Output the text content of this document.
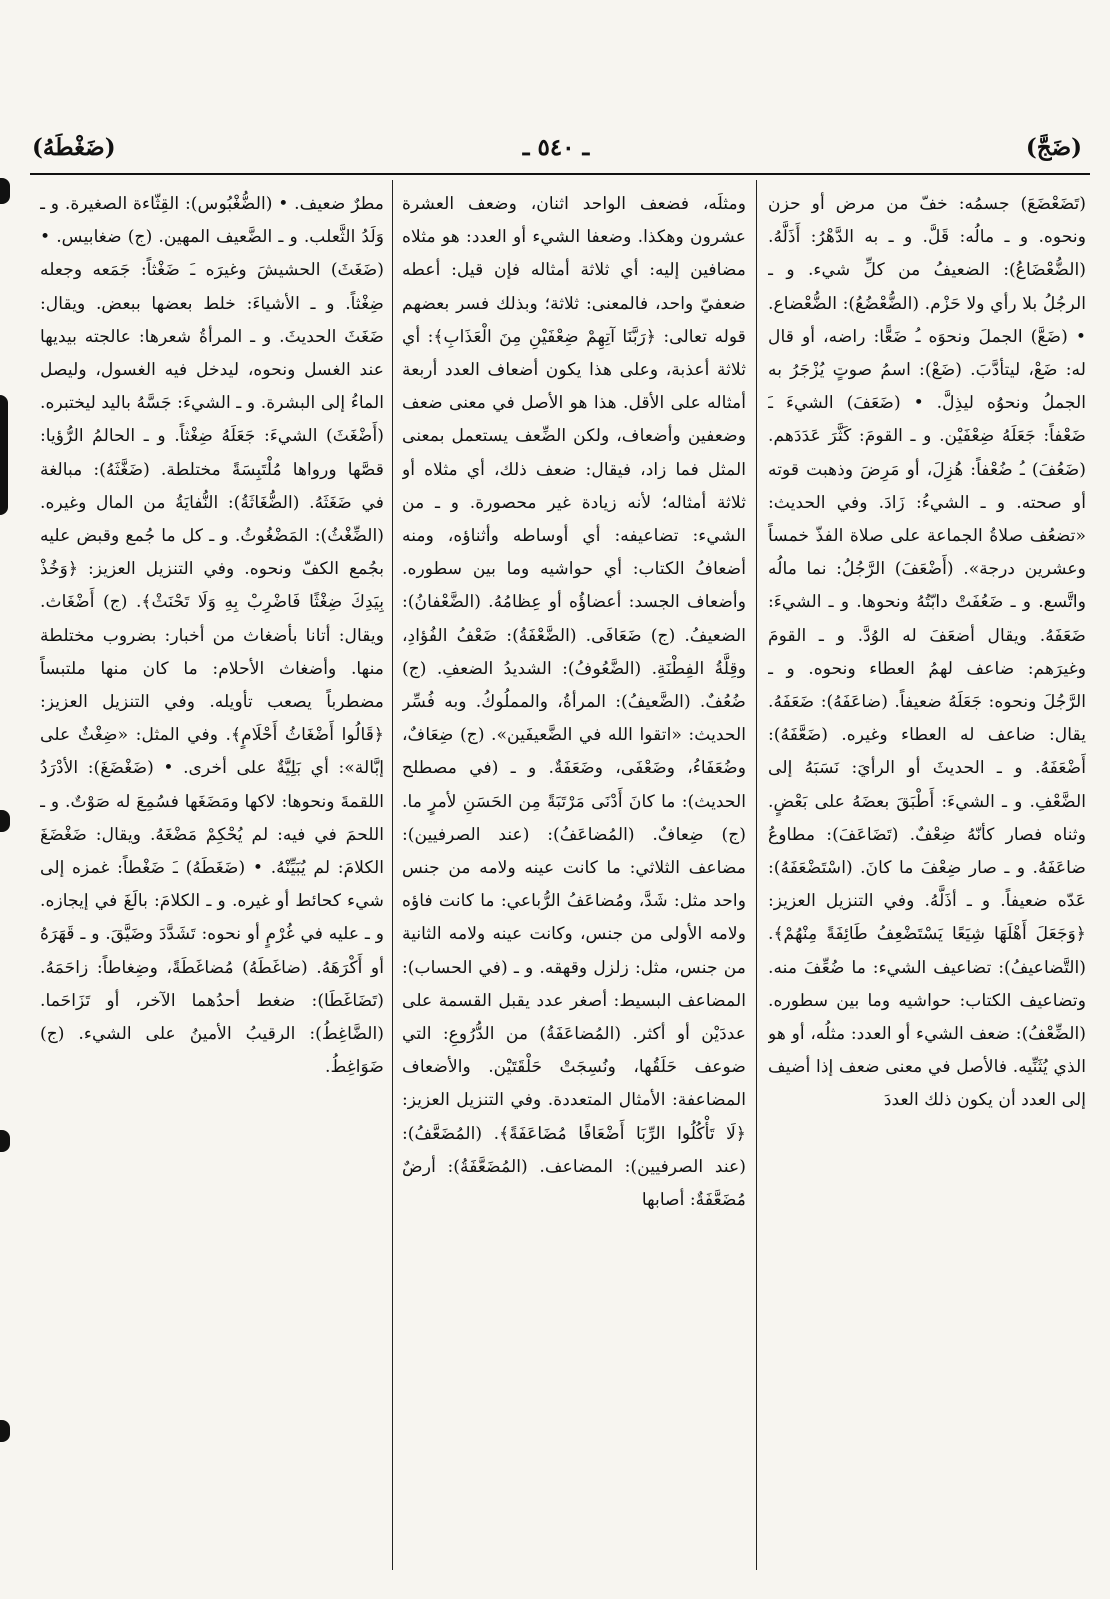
(ضَجَّ)
ـ ٥٤٠ ـ
(ضَغْطَهُ)

(تَضَعْضَعَ) جسمُه: خفّ من مرض أو حزن ونحوه. و ـ مالُه: قَلَّ. و ـ به الدَّهْرُ: أَذَلَّهُ. (الضُّعْضَاعُ): الضعيفُ من كلِّ شيء. و ـ الرجُلُ بلا رأي ولا حَزْم. (الضُّعْضُعُ): الضُّعْضاع. • (ضَعَّ) الجملَ ونحوَه ـُ ضَعًّا: راضه، أو قال له: ضَعْ، ليتأدَّبَ. (ضَعْ): اسمُ صوتٍ يُزْجَرُ به الجملُ ونحوُه ليذِلَّ. • (ضَعَفَ) الشيءَ ـَ ضَعْفاً: جَعَلَهُ ضِعْفَيْن. و ـ القومَ: كَثَّرَ عَدَدَهم. (ضَعُفَ) ـُ ضُعْفاً: هُزِلَ، أو مَرِضَ وذهبت قوته أو صحته. و ـ الشيءُ: زَادَ. وفي الحديث: «تضعُف صلاةُ الجماعة على صلاة الفذّ خمساً وعشرين درجة». (أَضْعَفَ) الرَّجُلُ: نما مالُه واتَّسع. و ـ ضَعُفَتْ دابّتُهُ ونحوها. و ـ الشيءَ: ضَعَفَهُ. ويقال أضعَفَ له الوُدَّ. و ـ القومَ وغيرَهم: ضاعف لهمُ العطاء ونحوه. و ـ الرَّجُلَ ونحوه: جَعَلَهُ ضعيفاً. (ضاعَفَهُ): ضَعَفَهُ. يقال: ضاعف له العطاء وغيره. (ضَعَّفَهُ): أَضْعَفَهُ. و ـ الحديثَ أو الرأيَ: نَسَبَهُ إلى الضَّعْفِ. و ـ الشيءَ: أَطْبَقَ بعضَهُ على بَعْضٍ. وثناه فصار كأنّهُ ضِعْفٌ. (تَضَاعَفَ): مطاوعُ ضاعَفَهُ. و ـ صار ضِعْفَ ما كانَ. (اسْتَضْعَفَهُ): عَدّه ضعيفاً. و ـ أذَلَّهُ. وفي التنزيل العزيز: ﴿وَجَعَلَ أَهْلَهَا شِيَعًا يَسْتَضْعِفُ طَائِفَةً مِنْهُمْ﴾. (التَّضاعيفُ): تضاعيف الشيء: ما ضُعِّفَ منه. وتضاعيف الكتاب: حواشيه وما بين سطوره. (الضِّعْفُ): ضعف الشيء أو العدد: مثلُه، أو هو الذي يُثَنِّيه. فالأصل في معنى ضعف إذا أضيف إلى العدد أن يكون ذلك العددَ

ومثلَه، فضعف الواحد اثنان، وضعف العشرة عشرون وهكذا. وضعفا الشيء أو العدد: هو مثلاه مضافين إليه: أي ثلاثة أمثاله فإن قيل: أعطه ضعفيّ واحد، فالمعنى: ثلاثة؛ وبذلك فسر بعضهم قوله تعالى: ﴿رَبَّنَا آتِهِمْ ضِعْفَيْنِ مِنَ الْعَذَابِ﴾: أي ثلاثة أعذبة، وعلى هذا يكون أضعاف العدد أربعة أمثاله على الأقل. هذا هو الأصل في معنى ضعف وضعفين وأضعاف، ولكن الضِّعف يستعمل بمعنى المثل فما زاد، فيقال: ضعف ذلك، أي مثلاه أو ثلاثة أمثاله؛ لأنه زيادة غير محصورة. و ـ من الشيء: تضاعيفه: أي أوساطه وأثناؤه، ومنه أضعافُ الكتاب: أي حواشيه وما بين سطوره. وأضعاف الجسد: أعضاؤُه أو عِظامُهُ. (الضَّعْفانُ): الضعيفُ. (ج) ضَعَافَى. (الضَّعْفَةُ): ضَعْفُ الفُؤادِ، وقِلَّةُ الفِطْنَةِ. (الضَّعُوفُ): الشديدُ الضعفِ. (ج) ضُعُفٌ. (الضَّعيفُ): المرأةُ، والمملُوكُ. وبه فُسِّر الحديث: «اتقوا الله في الضَّعيفَين». (ج) ضِعَافٌ، وضُعَفَاءُ، وضَعْفَى، وضَعَفَةٌ. و ـ (في مصطلح الحديث): ما كانَ أَدْنَى مَرْتَبَةً مِن الحَسَنِ لأمرٍ ما. (ج) ضِعافٌ. (المُضاعَفُ): (عند الصرفيين): مضاعف الثلاثي: ما كانت عينه ولامه من جنس واحد مثل: شَدَّ، ومُضاعَفُ الرُّباعي: ما كانت فاؤه ولامه الأولى من جنس، وكانت عينه ولامه الثانية من جنس، مثل: زلزل وقهقه. و ـ (في الحساب): المضاعف البسيط: أصغر عدد يقبل القسمة على عددَيْن أو أكثر. (المُضاعَفَةُ) من الدُّرُوعِ: التي ضوعف حَلَقُها، ونُسِجَتْ حَلْقَتَيْن. والأضعاف المضاعفة: الأمثال المتعددة. وفي التنزيل العزيز: ﴿لَا تَأْكُلُوا الرِّبَا أَضْعَافًا مُضَاعَفَةً﴾. (المُضَعَّفُ): (عند الصرفيين): المضاعف. (المُضَعَّفَةُ): أرضٌ مُضَعَّفَةٌ: أصابها

مطرٌ ضعيف. • (الضُّغْبُوس): القِثّاءة الصغيرة. و ـ وَلَدُ الثَّعلب. و ـ الضَّعيف المهين. (ج) ضغابيس. • (ضَغَثَ) الحشيشَ وغيرَه ـَ ضَغْثاً: جَمَعه وجعله ضِغْثاً. و ـ الأشياءَ: خلط بعضها ببعض. ويقال: ضَغَثَ الحديثَ. و ـ المرأةُ شعرها: عالجته بيديها عند الغسل ونحوه، ليدخل فيه الغسول، وليصل الماءُ إلى البشرة. و ـ الشيءَ: جَسَّهُ باليد ليختبره. (أَضْغَثَ) الشيءَ: جَعَلَهُ ضِغْثاً. و ـ الحالمُ الرُّؤيا: قصَّها ورواها مُلْتَبِسَةً مختلطة. (ضَغَّثَهُ): مبالغة في ضَغَثَهُ. (الضُّغَاثَةُ): النُّفايَةُ من المال وغيره. (الضِّغْثُ): المَضْغُوثُ. و ـ كل ما جُمع وقبض عليه بجُمع الكفّ ونحوه. وفي التنزيل العزيز: ﴿وَخُذْ بِيَدِكَ ضِغْثًا فَاضْرِبْ بِهِ وَلَا تَحْنَثْ﴾. (ج) أَضْغَاث. ويقال: أتانا بأضغاث من أخبار: بضروب مختلطة منها. وأضغاث الأحلام: ما كان منها ملتبساً مضطرباً يصعب تأويله. وفي التنزيل العزيز: ﴿قَالُوا أَضْغَاثُ أَحْلَامٍ﴾. وفي المثل: «ضِغْثٌ على إبَّالة»: أي بَلِيَّةٌ على أخرى. • (ضَغْضَغَ): الأدْرَدُ اللقمةَ ونحوها: لاكها ومَضَغَها فسُمِعَ له صَوْتٌ. و ـ اللحمَ في فيه: لم يُحْكِمْ مَضْغَهُ. ويقال: ضَغْضَغَ الكلامَ: لم يُبَيِّنْهُ. • (ضَغَطَهُ) ـَ ضَغْطاً: غمزه إلى شيء كحائط أو غيره. و ـ الكلامَ: بالَغَ في إيجازه. و ـ عليه في غُرْمٍ أو نحوه: تَشَدَّدَ وضَيَّقَ. و ـ قَهَرَهُ أو أَكْرَهَهُ. (ضاغَطَهُ) مُضاغَطَةً، وضِغاطاً: زاحَمَهُ. (تَضَاغَطَا): ضغط أحدُهما الآخر، أو تَزَاحَما. (الضَّاغِطُ): الرقيبُ الأمينُ على الشيء. (ج) ضَوَاغِطُ.
